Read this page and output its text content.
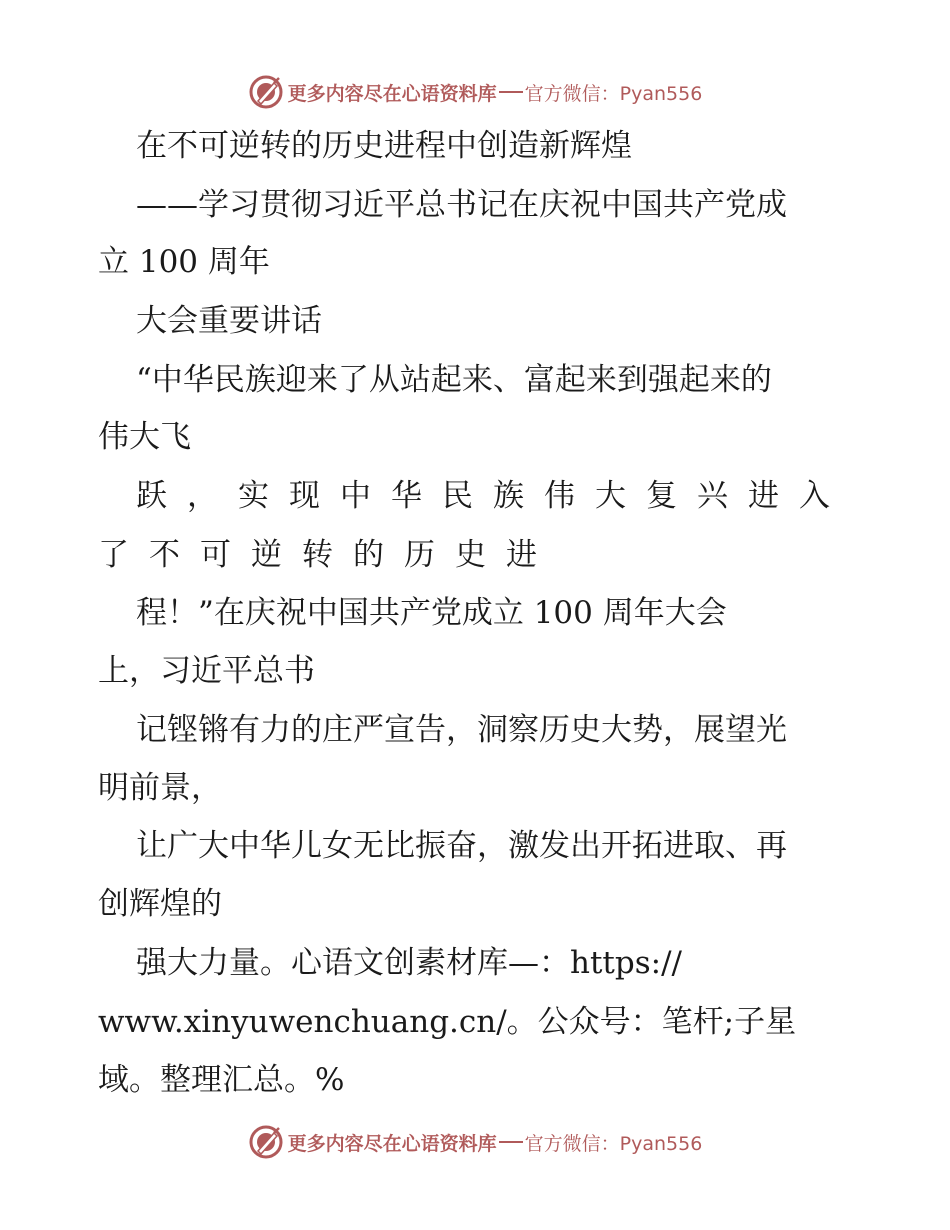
更多内容尽在心语资料库 官方微信：Pyan556
在不可逆转的历史进程中创造新辉煌
——学习贯彻习近平总书记在庆祝中国共产党成
立 100 周年
大会重要讲话
“中华民族迎来了从站起来、富起来到强起来的
伟大飞
跃，实现中华民族伟大复兴进入
了不可逆转的历史进
程！”在庆祝中国共产党成立 100 周年大会
上，习近平总书
记铿锵有力的庄严宣告，洞察历史大势，展望光
明前景，
让广大中华儿女无比振奋，激发出开拓进取、再
创辉煌的
强大力量。心语文创素材库—：https://
www.xinyuwenchuang.cn/。公众号：笔杆;子星
域。整理汇总。%
更多内容尽在心语资料库 官方微信：Pyan556
